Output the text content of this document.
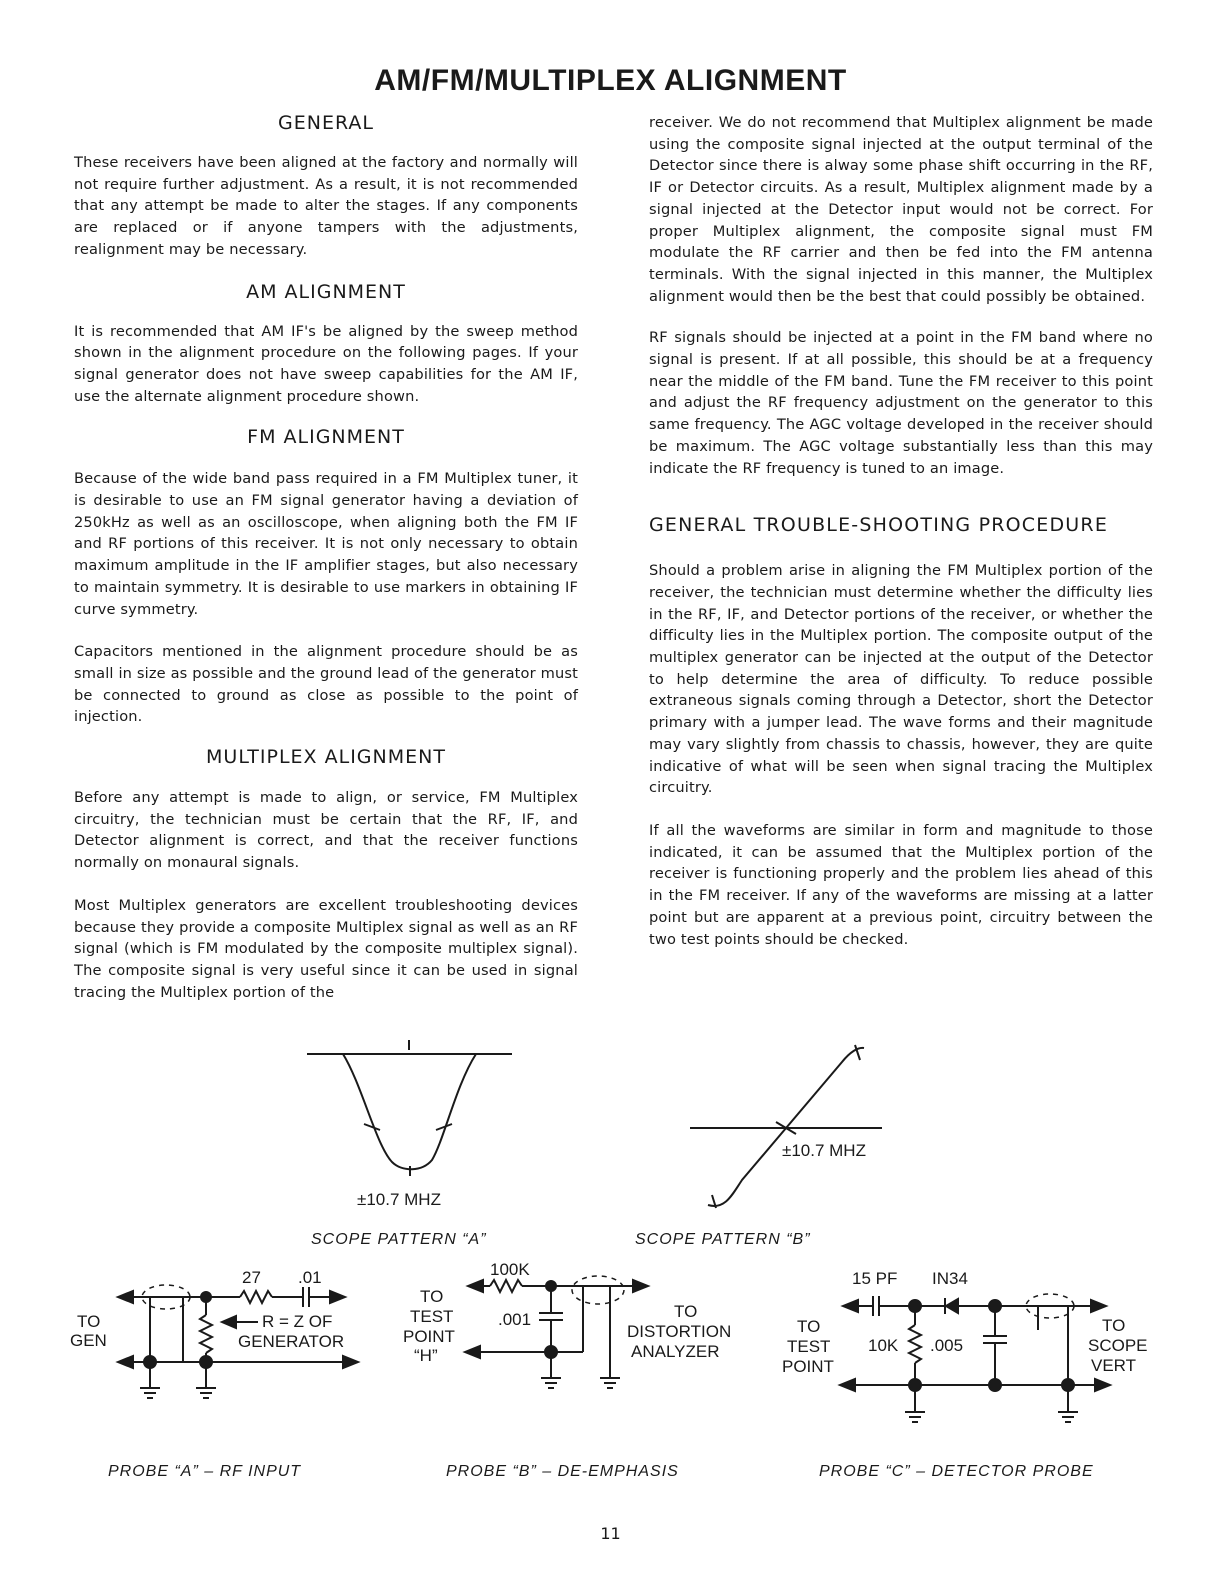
AM/FM/MULTIPLEX ALIGNMENT
GENERAL

These receivers have been aligned at the factory and normally will not require further adjustment. As a result, it is not recommended that any attempt be made to alter the stages. If any components are replaced or if anyone tampers with the adjustments, realignment may be necessary.

AM ALIGNMENT

It is recommended that AM IF's be aligned by the sweep method shown in the alignment procedure on the following pages. If your signal generator does not have sweep capabilities for the AM IF, use the alternate alignment procedure shown.

FM ALIGNMENT

Because of the wide band pass required in a FM Multiplex tuner, it is desirable to use an FM signal generator having a deviation of 250kHz as well as an oscilloscope, when aligning both the FM IF and RF portions of this receiver. It is not only necessary to obtain maximum amplitude in the IF amplifier stages, but also necessary to maintain symmetry. It is desirable to use markers in obtaining IF curve symmetry.

Capacitors mentioned in the alignment procedure should be as small in size as possible and the ground lead of the generator must be connected to ground as close as possible to the point of injection.

MULTIPLEX ALIGNMENT

Before any attempt is made to align, or service, FM Multiplex circuitry, the technician must be certain that the RF, IF, and Detector alignment is correct, and that the receiver functions normally on monaural signals.

Most Multiplex generators are excellent troubleshooting devices because they provide a composite Multiplex signal as well as an RF signal (which is FM modulated by the composite multiplex signal). The composite signal is very useful since it can be used in signal tracing the Multiplex portion of the

receiver. We do not recommend that Multiplex alignment be made using the composite signal injected at the output terminal of the Detector since there is alway some phase shift occurring in the RF, IF or Detector circuits. As a result, Multiplex alignment made by a signal injected at the Detector input would not be correct. For proper Multiplex alignment, the composite signal must FM modulate the RF carrier and then be fed into the FM antenna terminals. With the signal injected in this manner, the Multiplex alignment would then be the best that could possibly be obtained.

RF signals should be injected at a point in the FM band where no signal is present. If at all possible, this should be at a frequency near the middle of the FM band. Tune the FM receiver to this point and adjust the RF frequency adjustment on the generator to this same frequency. The AGC voltage developed in the receiver should be maximum. The AGC voltage substantially less than this may indicate the RF frequency is tuned to an image.

GENERAL TROUBLE-SHOOTING PROCEDURE

Should a problem arise in aligning the FM Multiplex portion of the receiver, the technician must determine whether the difficulty lies in the RF, IF, and Detector portions of the receiver, or whether the difficulty lies in the Multiplex portion. The composite output of the multiplex generator can be injected at the output of the Detector to help determine the area of difficulty. To reduce possible extraneous signals coming through a Detector, short the Detector primary with a jumper lead. The wave forms and their magnitude may vary slightly from chassis to chassis, however, they are quite indicative of what will be seen when signal tracing the Multiplex circuitry.

If all the waveforms are similar in form and magnitude to those indicated, it can be assumed that the Multiplex portion of the receiver is functioning properly and the problem lies ahead of this in the FM receiver. If any of the waveforms are missing at a latter point but are apparent at a previous point, circuitry between the two test points should be checked.

±10.7 MHZ
SCOPE PATTERN “A”
±10.7 MHZ
SCOPE PATTERN “B”
27 .01
TO
GEN
R = Z OF
GENERATOR
PROBE “A” – RF INPUT
100K
.001
TO
TEST
POINT
“H”
TO
DISTORTION
ANALYZER
PROBE “B” – DE-EMPHASIS
15 PF IN34
10K .005
TO
TEST
POINT
TO
SCOPE
VERT
PROBE “C” – DETECTOR PROBE

11
